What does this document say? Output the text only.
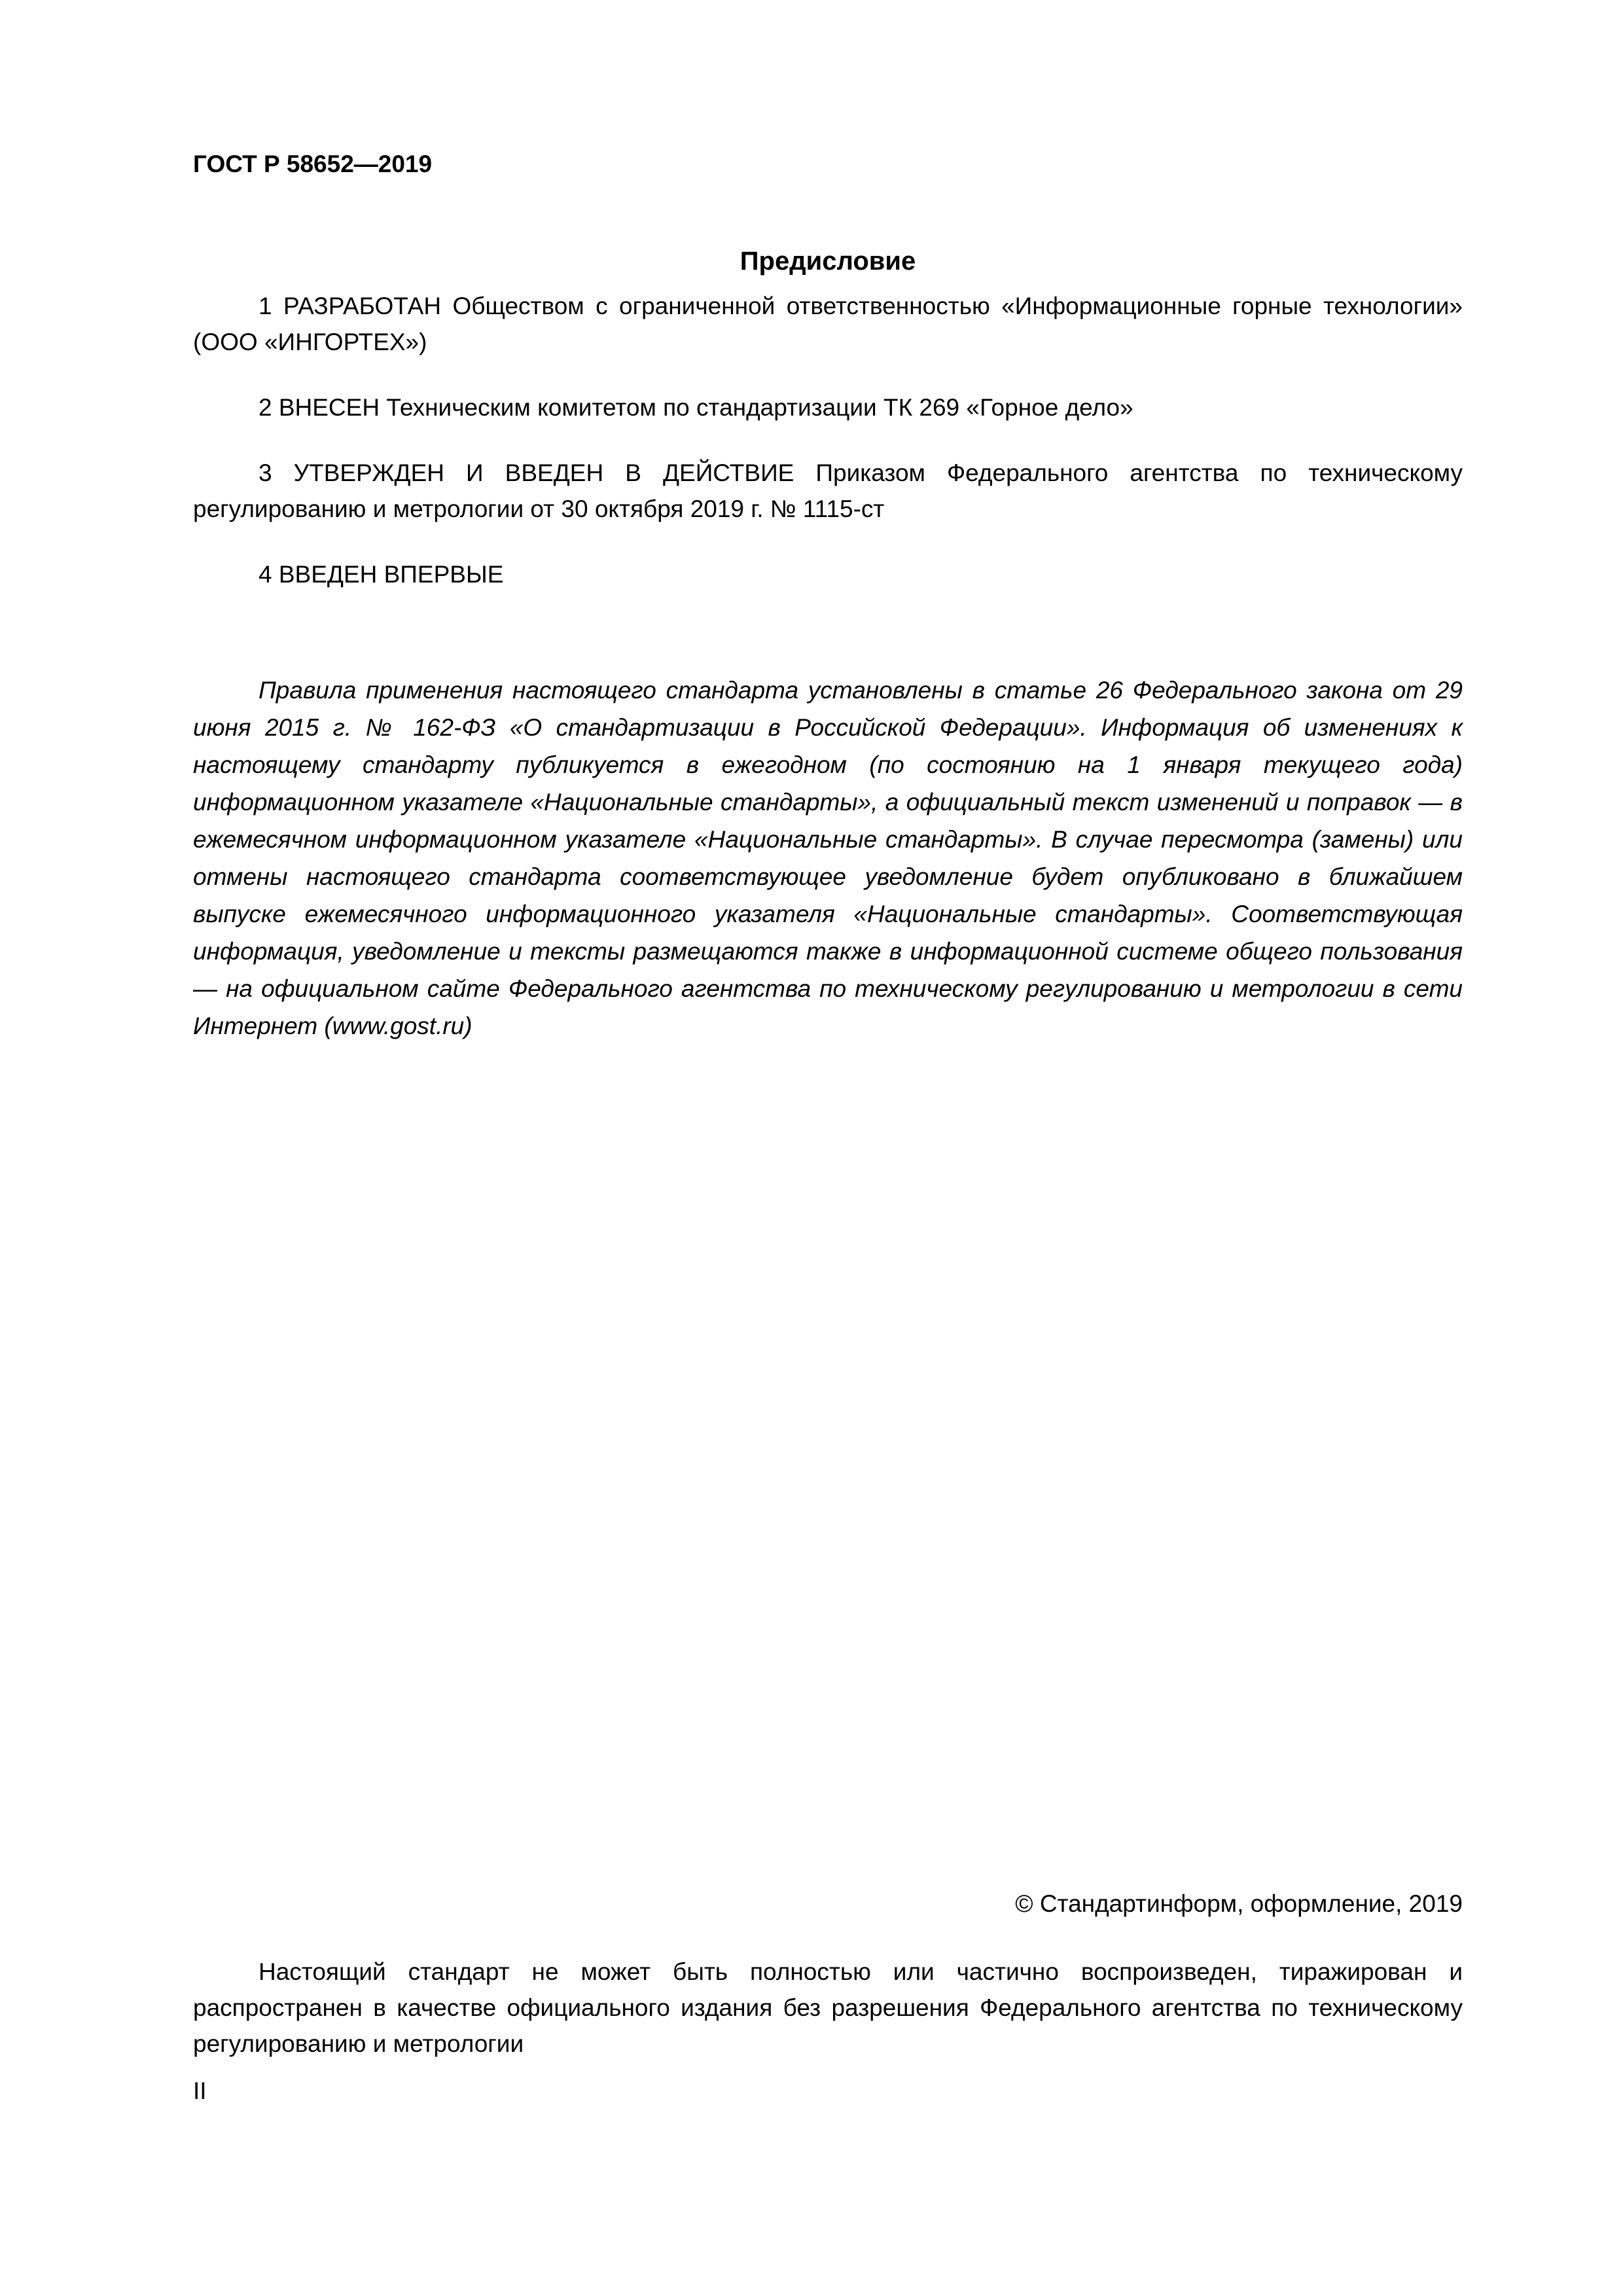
ГОСТ Р 58652—2019
Предисловие

1 РАЗРАБОТАН Обществом с ограниченной ответственностью «Информационные горные технологии» (ООО «ИНГОРТЕХ»)

2 ВНЕСЕН Техническим комитетом по стандартизации ТК 269 «Горное дело»

3 УТВЕРЖДЕН И ВВЕДЕН В ДЕЙСТВИЕ Приказом Федерального агентства по техническому регулированию и метрологии от 30 октября 2019 г. № 1115-ст

4 ВВЕДЕН ВПЕРВЫЕ

Правила применения настоящего стандарта установлены в статье 26 Федерального закона от 29 июня 2015 г. № 162-ФЗ «О стандартизации в Российской Федерации». Информация об изменениях к настоящему стандарту публикуется в ежегодном (по состоянию на 1 января текущего года) информационном указателе «Национальные стандарты», а официальный текст изменений и поправок — в ежемесячном информационном указателе «Национальные стандарты». В случае пересмотра (замены) или отмены настоящего стандарта соответствующее уведомление будет опубликовано в ближайшем выпуске ежемесячного информационного указателя «Национальные стандарты». Соответствующая информация, уведомление и тексты размещаются также в информационной системе общего пользования — на официальном сайте Федерального агентства по техническому регулированию и метрологии в сети Интернет (www.gost.ru)

© Стандартинформ, оформление, 2019

Настоящий стандарт не может быть полностью или частично воспроизведен, тиражирован и распространен в качестве официального издания без разрешения Федерального агентства по техническому регулированию и метрологии

II
